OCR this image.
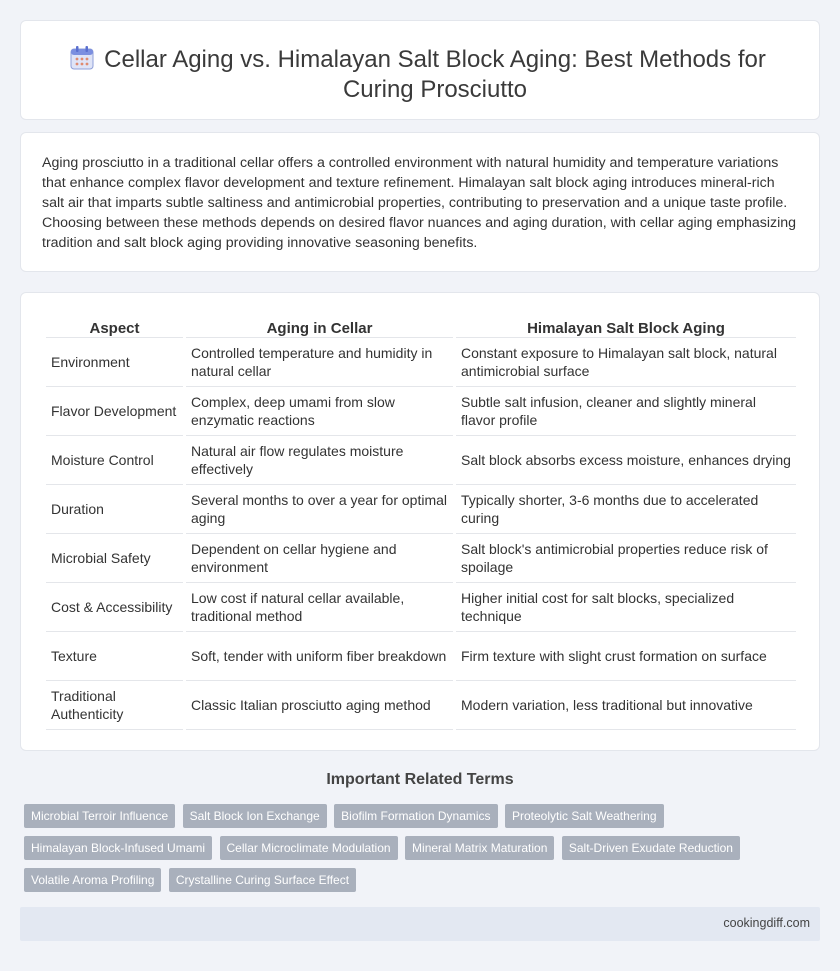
Cellar Aging vs. Himalayan Salt Block Aging: Best Methods for Curing Prosciutto

Aging prosciutto in a traditional cellar offers a controlled environment with natural humidity and temperature variations that enhance complex flavor development and texture refinement. Himalayan salt block aging introduces mineral-rich salt air that imparts subtle saltiness and antimicrobial properties, contributing to preservation and a unique taste profile. Choosing between these methods depends on desired flavor nuances and aging duration, with cellar aging emphasizing tradition and salt block aging providing innovative seasoning benefits.

Aspect	Aging in Cellar	Himalayan Salt Block Aging
Environment	Controlled temperature and humidity in natural cellar	Constant exposure to Himalayan salt block, natural antimicrobial surface
Flavor Development	Complex, deep umami from slow enzymatic reactions	Subtle salt infusion, cleaner and slightly mineral flavor profile
Moisture Control	Natural air flow regulates moisture effectively	Salt block absorbs excess moisture, enhances drying
Duration	Several months to over a year for optimal aging	Typically shorter, 3-6 months due to accelerated curing
Microbial Safety	Dependent on cellar hygiene and environment	Salt block's antimicrobial properties reduce risk of spoilage
Cost & Accessibility	Low cost if natural cellar available, traditional method	Higher initial cost for salt blocks, specialized technique
Texture	Soft, tender with uniform fiber breakdown	Firm texture with slight crust formation on surface
Traditional Authenticity	Classic Italian prosciutto aging method	Modern variation, less traditional but innovative
Important Related Terms
Microbial Terroir Influence Salt Block Ion Exchange Biofilm Formation Dynamics Proteolytic Salt Weathering
Himalayan Block-Infused Umami Cellar Microclimate Modulation Mineral Matrix Maturation Salt-Driven Exudate Reduction
Volatile Aroma Profiling Crystalline Curing Surface Effect
cookingdiff.com
